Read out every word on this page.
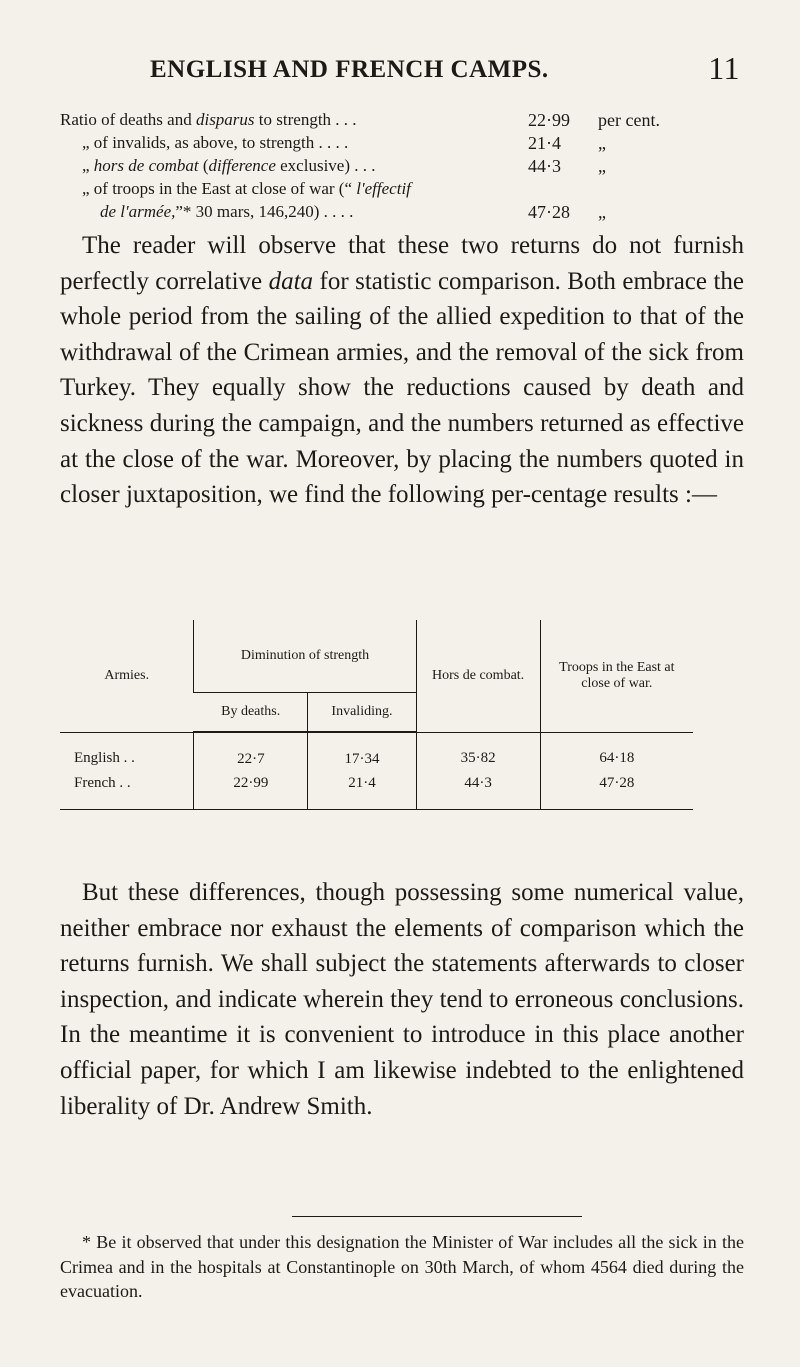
ENGLISH AND FRENCH CAMPS.	11
Ratio of deaths and disparus to strength . . .	22·99 per cent.
„ of invalids, as above, to strength . . . .	21·4 „
„ hors de combat (difference exclusive) . . .	44·3 „
„ of troops in the East at close of war (“ l'effectif
de l'armée,”* 30 mars, 146,240) . . . .	47·28 „

The reader will observe that these two returns do not furnish perfectly correlative data for statistic comparison. Both embrace the whole period from the sailing of the allied expedition to that of the withdrawal of the Crimean armies, and the removal of the sick from Turkey. They equally show the reductions caused by death and sickness during the campaign, and the numbers returned as effective at the close of the war. Moreover, by placing the numbers quoted in closer juxtaposition, we find the following per-centage results :—

Armies.	Diminution of strength		Hors de combat.	Troops in the East at close of war.
	By deaths.	Invaliding.		
English . .	22·7	17·34	35·82	64·18
French . .	22·99	21·4	44·3	47·28

But these differences, though possessing some numerical value, neither embrace nor exhaust the elements of comparison which the returns furnish. We shall subject the statements afterwards to closer inspection, and indicate wherein they tend to erroneous conclusions. In the meantime it is convenient to introduce in this place another official paper, for which I am likewise indebted to the enlightened liberality of Dr. Andrew Smith.

* Be it observed that under this designation the Minister of War includes all the sick in the Crimea and in the hospitals at Constantinople on 30th March, of whom 4564 died during the evacuation.
